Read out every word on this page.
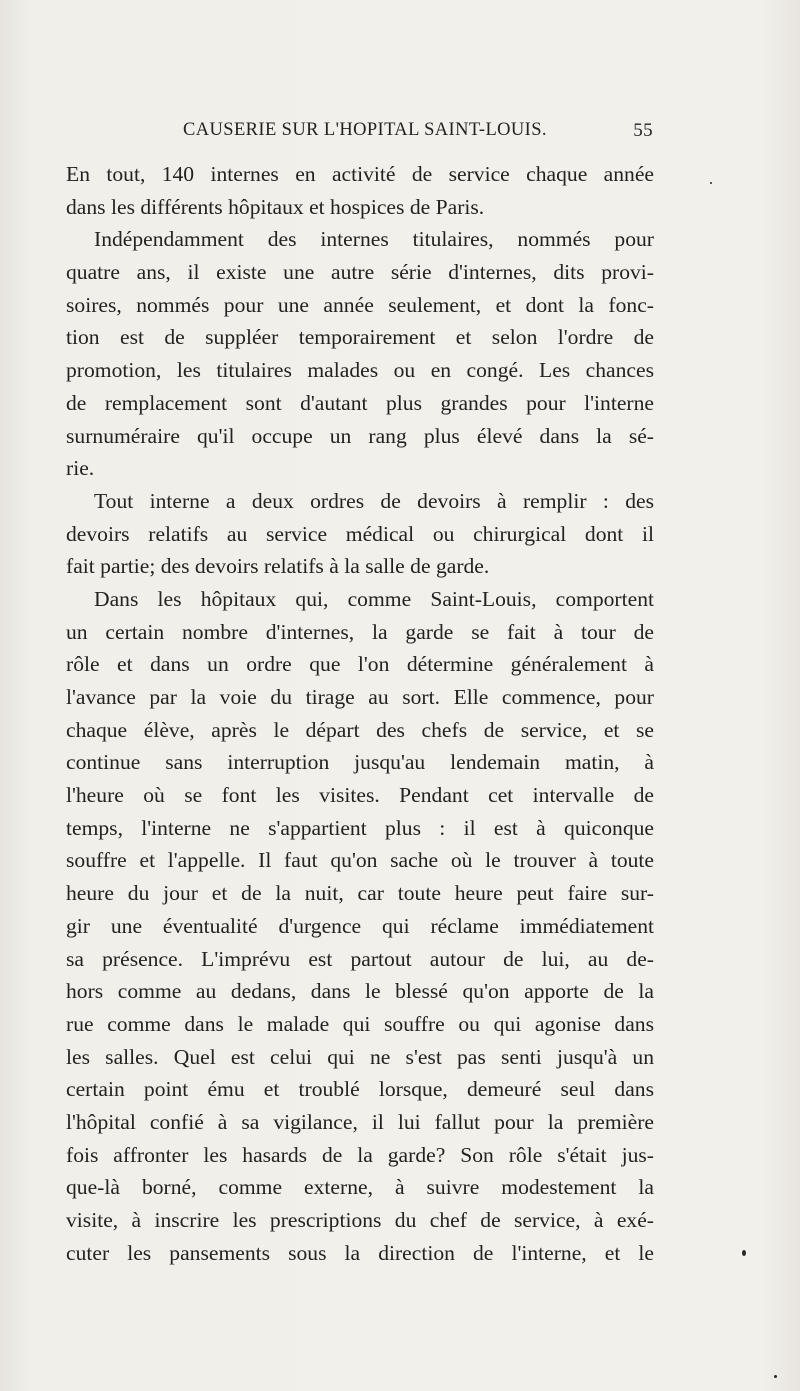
CAUSERIE SUR L'HOPITAL SAINT-LOUIS.	55
En tout, 140 internes en activité de service chaque année
dans les différents hôpitaux et hospices de Paris.
Indépendamment des internes titulaires, nommés pour
quatre ans, il existe une autre série d'internes, dits provi-
soires, nommés pour une année seulement, et dont la fonc-
tion est de suppléer temporairement et selon l'ordre de
promotion, les titulaires malades ou en congé. Les chances
de remplacement sont d'autant plus grandes pour l'interne
surnuméraire qu'il occupe un rang plus élevé dans la sé-
rie.
Tout interne a deux ordres de devoirs à remplir : des
devoirs relatifs au service médical ou chirurgical dont il
fait partie; des devoirs relatifs à la salle de garde.
Dans les hôpitaux qui, comme Saint-Louis, comportent
un certain nombre d'internes, la garde se fait à tour de
rôle et dans un ordre que l'on détermine généralement à
l'avance par la voie du tirage au sort. Elle commence, pour
chaque élève, après le départ des chefs de service, et se
continue sans interruption jusqu'au lendemain matin, à
l'heure où se font les visites. Pendant cet intervalle de
temps, l'interne ne s'appartient plus : il est à quiconque
souffre et l'appelle. Il faut qu'on sache où le trouver à toute
heure du jour et de la nuit, car toute heure peut faire sur-
gir une éventualité d'urgence qui réclame immédiatement
sa présence. L'imprévu est partout autour de lui, au de-
hors comme au dedans, dans le blessé qu'on apporte de la
rue comme dans le malade qui souffre ou qui agonise dans
les salles. Quel est celui qui ne s'est pas senti jusqu'à un
certain point ému et troublé lorsque, demeuré seul dans
l'hôpital confié à sa vigilance, il lui fallut pour la première
fois affronter les hasards de la garde? Son rôle s'était jus-
que-là borné, comme externe, à suivre modestement la
visite, à inscrire les prescriptions du chef de service, à exé-
cuter les pansements sous la direction de l'interne, et le
